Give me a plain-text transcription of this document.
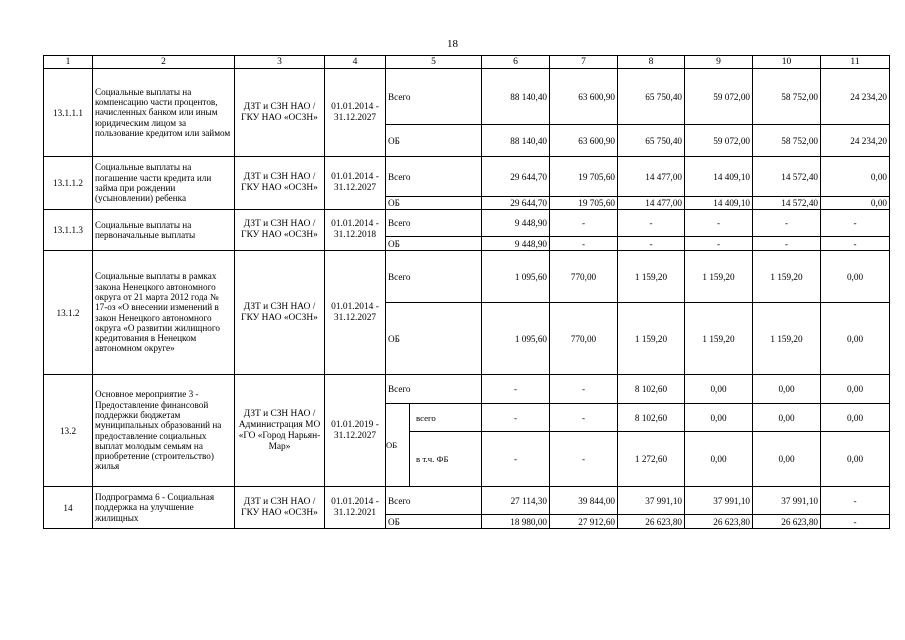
18
1	2	3	4	5		6	7	8	9	10	11
13.1.1.1	Социальные выплаты на компенсацию части процентов, начисленных банком или иным юридическим лицом за пользование кредитом или займом	ДЗТ и СЗН НАО / ГКУ НАО «ОСЗН»	01.01.2014 - 31.12.2027	Всего		88 140,40	63 600,90	65 750,40	59 072,00	58 752,00	24 234,20
				ОБ		88 140,40	63 600,90	65 750,40	59 072,00	58 752,00	24 234,20
13.1.1.2	Социальные выплаты на погашение части кредита или займа при рождении (усыновлении) ребенка	ДЗТ и СЗН НАО / ГКУ НАО «ОСЗН»	01.01.2014 - 31.12.2027	Всего		29 644,70	19 705,60	14 477,00	14 409,10	14 572,40	0,00
				ОБ		29 644,70	19 705,60	14 477,00	14 409,10	14 572,40	0,00
13.1.1.3	Социальные выплаты на первоначальные выплаты	ДЗТ и СЗН НАО / ГКУ НАО «ОСЗН»	01.01.2014 - 31.12.2018	Всего		9 448,90	-	-	-	-	-
				ОБ		9 448,90	-	-	-	-	-
13.1.2	Социальные выплаты в рамках закона Ненецкого автономного округа от 21 марта 2012 года № 17-оз «О внесении изменений в закон Ненецкого автономного округа «О развитии жилищного кредитования в Ненецком автономном округе»	ДЗТ и СЗН НАО / ГКУ НАО «ОСЗН»	01.01.2014 - 31.12.2027	Всего		1 095,60	770,00	1 159,20	1 159,20	1 159,20	0,00
				ОБ		1 095,60	770,00	1 159,20	1 159,20	1 159,20	0,00
13.2	Основное мероприятие 3 - Предоставление финансовой поддержки бюджетам муниципальных образований на предоставление социальных выплат молодым семьям на приобретение (строительство) жилья	ДЗТ и СЗН НАО / Администрация МО «ГО «Город Нарьян-Мар»	01.01.2019 - 31.12.2027	Всего		-	-	8 102,60	0,00	0,00	0,00
				ОБ	всего	-	-	8 102,60	0,00	0,00	0,00
					в т.ч. ФБ	-	-	1 272,60	0,00	0,00	0,00
14	Подпрограмма 6 - Социальная поддержка на улучшение жилищных	ДЗТ и СЗН НАО / ГКУ НАО «ОСЗН»	01.01.2014 - 31.12.2021	Всего		27 114,30	39 844,00	37 991,10	37 991,10	37 991,10	-
				ОБ		18 980,00	27 912,60	26 623,80	26 623,80	26 623,80	-
